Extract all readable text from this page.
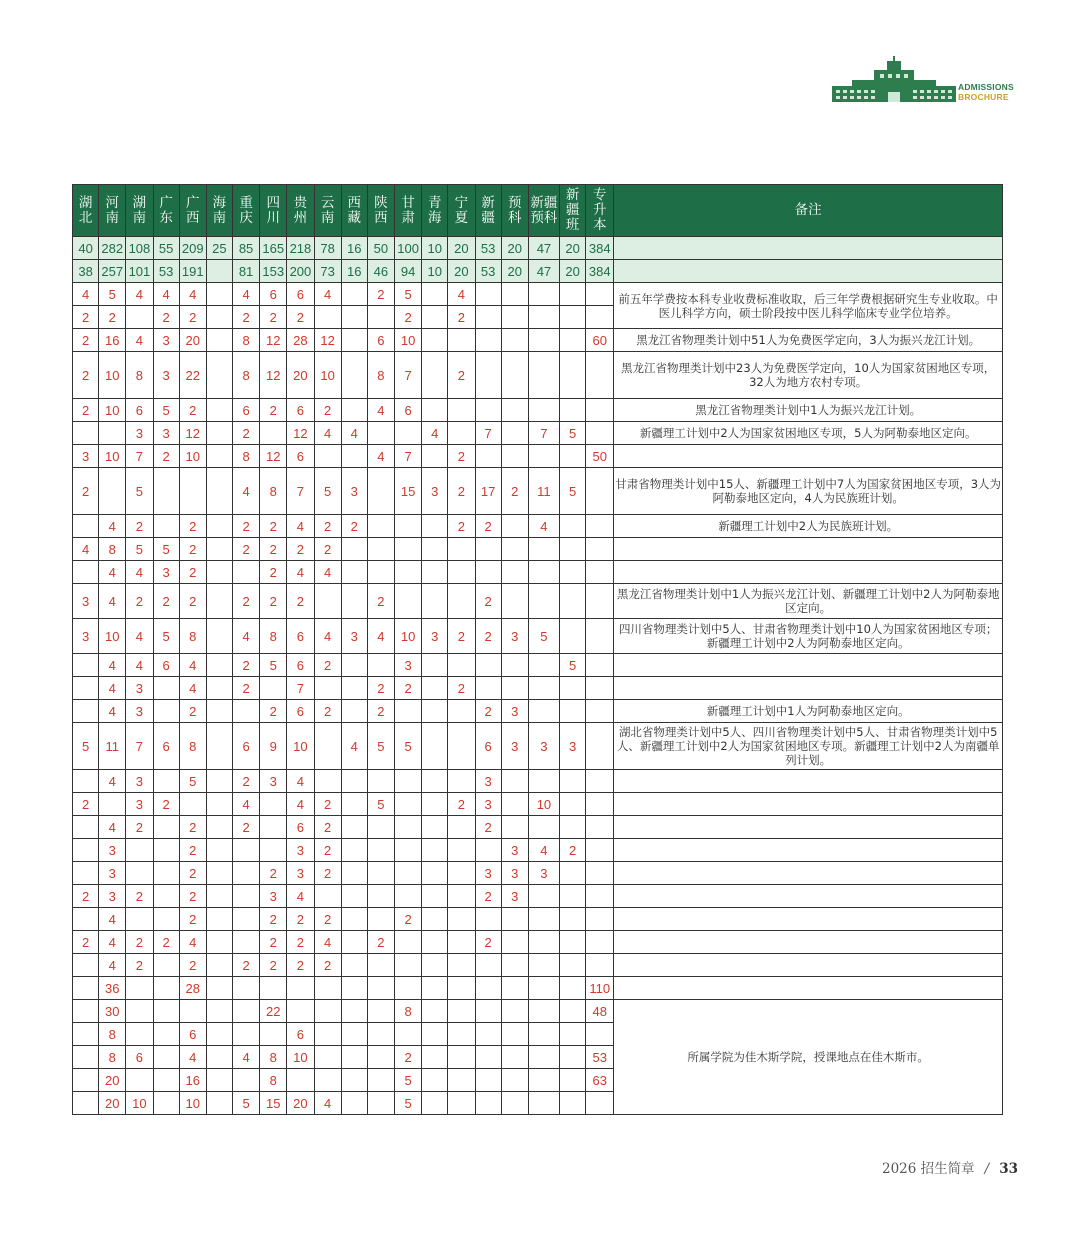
ADMISSIONS
BROCHURE
湖北	河南	湖南	广东	广西	海南	重庆	四川	贵州	云南	西藏	陕西	甘肃	青海	宁夏	新疆	预科	新疆预科	新疆班	专升本	备注
40	282	108	55	209	25	85	165	218	78	16	50	100	10	20	53	20	47	20	384	
38	257	101	53	191		81	153	200	73	16	46	94	10	20	53	20	47	20	384	
4	5	4	4	4		4	6	6	4		2	5		4						前五年学费按本科专业收费标准收取，后三年学费根据研究生专业收取。中医儿科学方向，硕士阶段按中医儿科学临床专业学位培养。
2	2		2	2		2	2	2				2		2						
2	16	4	3	20		8	12	28	12		6	10							60	黑龙江省物理类计划中51人为免费医学定向，3人为振兴龙江计划。
2	10	8	3	22		8	12	20	10		8	7		2						黑龙江省物理类计划中23人为免费医学定向，10人为国家贫困地区专项，32人为地方农村专项。
2	10	6	5	2		6	2	6	2		4	6								黑龙江省物理类计划中1人为振兴龙江计划。
		3	3	12		2		12	4	4			4		7		7	5		新疆理工计划中2人为国家贫困地区专项，5人为阿勒泰地区定向。
3	10	7	2	10		8	12	6			4	7		2					50	
2		5				4	8	7	5	3		15	3	2	17	2	11	5		甘肃省物理类计划中15人、新疆理工计划中7人为国家贫困地区专项，3人为阿勒泰地区定向，4人为民族班计划。
	4	2		2		2	2	4	2	2				2	2		4			新疆理工计划中2人为民族班计划。
4	8	5	5	2		2	2	2	2											
	4	4	3	2			2	4	4											
3	4	2	2	2		2	2	2			2				2					黑龙江省物理类计划中1人为振兴龙江计划、新疆理工计划中2人为阿勒泰地区定向。
3	10	4	5	8		4	8	6	4	3	4	10	3	2	2	3	5			四川省物理类计划中5人、甘肃省物理类计划中10人为国家贫困地区专项；新疆理工计划中2人为阿勒泰地区定向。
	4	4	6	4		2	5	6	2			3						5		
	4	3		4		2		7			2	2		2						
	4	3		2			2	6	2		2				2	3				新疆理工计划中1人为阿勒泰地区定向。
5	11	7	6	8		6	9	10		4	5	5			6	3	3	3		湖北省物理类计划中5人、四川省物理类计划中5人、甘肃省物理类计划中5人、新疆理工计划中2人为国家贫困地区专项。新疆理工计划中2人为南疆单列计划。
	4	3		5		2	3	4							3					
2		3	2			4		4	2		5			2	3		10			
	4	2		2		2		6	2						2					
	3			2				3	2							3	4	2		
	3			2			2	3	2						3	3	3			
2	3	2		2			3	4							2	3				
	4			2			2	2	2			2								
2	4	2	2	4			2	2	4		2				2					
	4	2		2		2	2	2	2											
	36			28															110	
	30						22					8							48	所属学院为佳木斯学院，授课地点在佳木斯市。
	8			6				6												
	8	6		4		4	8	10				2							53	
	20			16			8					5							63	
	20	10		10		5	15	20	4			5								
2026 招生简章 / 33
